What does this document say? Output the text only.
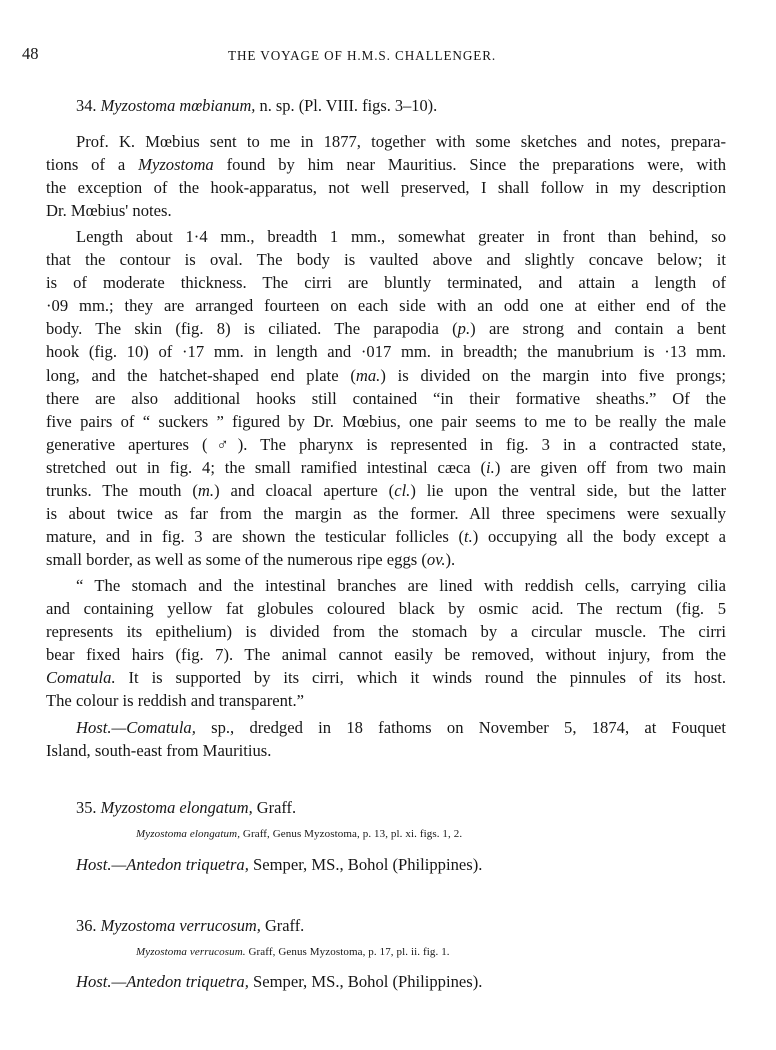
48	THE VOYAGE OF H.M.S. CHALLENGER.
34. Myzostoma mœbianum, n. sp. (Pl. VIII. figs. 3–10).
Prof. K. Mœbius sent to me in 1877, together with some sketches and notes, prepara-
tions of a Myzostoma found by him near Mauritius. Since the preparations were, with
the exception of the hook-apparatus, not well preserved, I shall follow in my description
Dr. Mœbius' notes.
Length about 1·4 mm., breadth 1 mm., somewhat greater in front than behind, so
that the contour is oval. The body is vaulted above and slightly concave below; it
is of moderate thickness. The cirri are bluntly terminated, and attain a length of
·09 mm.; they are arranged fourteen on each side with an odd one at either end of the
body. The skin (fig. 8) is ciliated. The parapodia (p.) are strong and contain a bent
hook (fig. 10) of ·17 mm. in length and ·017 mm. in breadth; the manubrium is ·13 mm.
long, and the hatchet-shaped end plate (ma.) is divided on the margin into five prongs;
there are also additional hooks still contained “in their formative sheaths.” Of the
five pairs of “ suckers ” figured by Dr. Mœbius, one pair seems to me to be really the male
generative apertures (♂). The pharynx is represented in fig. 3 in a contracted state,
stretched out in fig. 4; the small ramified intestinal cæca (i.) are given off from two main
trunks. The mouth (m.) and cloacal aperture (cl.) lie upon the ventral side, but the latter
is about twice as far from the margin as the former. All three specimens were sexually
mature, and in fig. 3 are shown the testicular follicles (t.) occupying all the body except a
small border, as well as some of the numerous ripe eggs (ov.).
“ The stomach and the intestinal branches are lined with reddish cells, carrying cilia
and containing yellow fat globules coloured black by osmic acid. The rectum (fig. 5
represents its epithelium) is divided from the stomach by a circular muscle. The cirri
bear fixed hairs (fig. 7). The animal cannot easily be removed, without injury, from the
Comatula. It is supported by its cirri, which it winds round the pinnules of its host.
The colour is reddish and transparent.”
Host.—Comatula, sp., dredged in 18 fathoms on November 5, 1874, at Fouquet
Island, south-east from Mauritius.
35. Myzostoma elongatum, Graff.
Myzostoma elongatum, Graff, Genus Myzostoma, p. 13, pl. xi. figs. 1, 2.
Host.—Antedon triquetra, Semper, MS., Bohol (Philippines).
36. Myzostoma verrucosum, Graff.
Myzostoma verrucosum. Graff, Genus Myzostoma, p. 17, pl. ii. fig. 1.
Host.—Antedon triquetra, Semper, MS., Bohol (Philippines).
